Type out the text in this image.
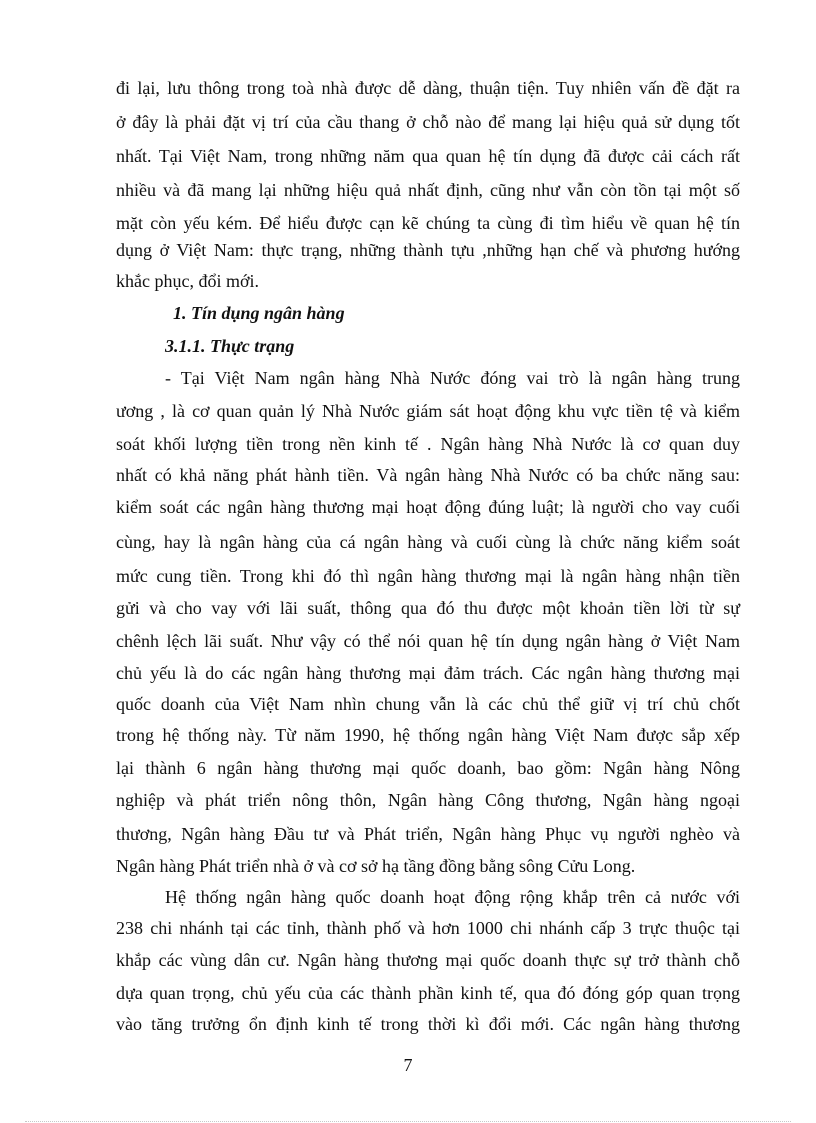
đi lại, lưu thông trong toà nhà được dễ dàng, thuận tiện. Tuy nhiên vấn đề đặt ra
ở đây là phải đặt vị trí của cầu thang ở chỗ nào để mang lại hiệu quả sử dụng tốt
nhất. Tại Việt Nam, trong những năm qua quan hệ tín dụng đã được cải cách rất
nhiều và đã mang lại những hiệu quả nhất định, cũng như vẫn còn tồn tại một số
mặt còn yếu kém. Để hiểu được cạn kẽ chúng ta cùng đi tìm hiểu về quan hệ tín
dụng ở Việt Nam: thực trạng, những thành tựu ,những hạn chế và phương hướng
khắc phục, đổi mới.
1. Tín dụng ngân hàng
3.1.1. Thực trạng
- Tại Việt Nam ngân hàng Nhà Nước đóng vai trò là ngân hàng trung
ương , là cơ quan quản lý Nhà Nước giám sát hoạt động khu vực tiền tệ và kiểm
soát khối lượng tiền trong nền kinh tế . Ngân hàng Nhà Nước là cơ quan duy
nhất có khả năng phát hành tiền. Và ngân hàng Nhà Nước có ba chức năng sau:
kiểm soát các ngân hàng thương mại hoạt động đúng luật; là người cho vay cuối
cùng, hay là ngân hàng của cá ngân hàng và cuối cùng là chức năng kiểm soát
mức cung tiền. Trong khi đó thì ngân hàng thương mại là ngân hàng nhận tiền
gửi và cho vay với lãi suất, thông qua đó thu được một khoản tiền lời từ sự
chênh lệch lãi suất. Như vậy có thể nói quan hệ tín dụng ngân hàng ở Việt Nam
chủ yếu là do các ngân hàng thương mại đảm trách. Các ngân hàng thương mại
quốc doanh của Việt Nam nhìn chung vẫn là các chủ thể giữ vị trí chủ chốt
trong hệ thống này. Từ năm 1990, hệ thống ngân hàng Việt Nam được sắp xếp
lại thành 6 ngân hàng thương mại quốc doanh, bao gồm: Ngân hàng Nông
nghiệp và phát triển nông thôn, Ngân hàng Công thương, Ngân hàng ngoại
thương, Ngân hàng Đầu tư và Phát triển, Ngân hàng Phục vụ người nghèo và
Ngân hàng Phát triển nhà ở và cơ sở hạ tầng đồng bằng sông Cửu Long.
Hệ thống ngân hàng quốc doanh hoạt động rộng khắp trên cả nước với
238 chi nhánh tại các tỉnh, thành phố và hơn 1000 chi nhánh cấp 3 trực thuộc tại
khắp các vùng dân cư. Ngân hàng thương mại quốc doanh thực sự trở thành chỗ
dựa quan trọng, chủ yếu của các thành phần kinh tế, qua đó đóng góp quan trọng
vào tăng trưởng ổn định kinh tế trong thời kì đổi mới. Các ngân hàng thương
7
